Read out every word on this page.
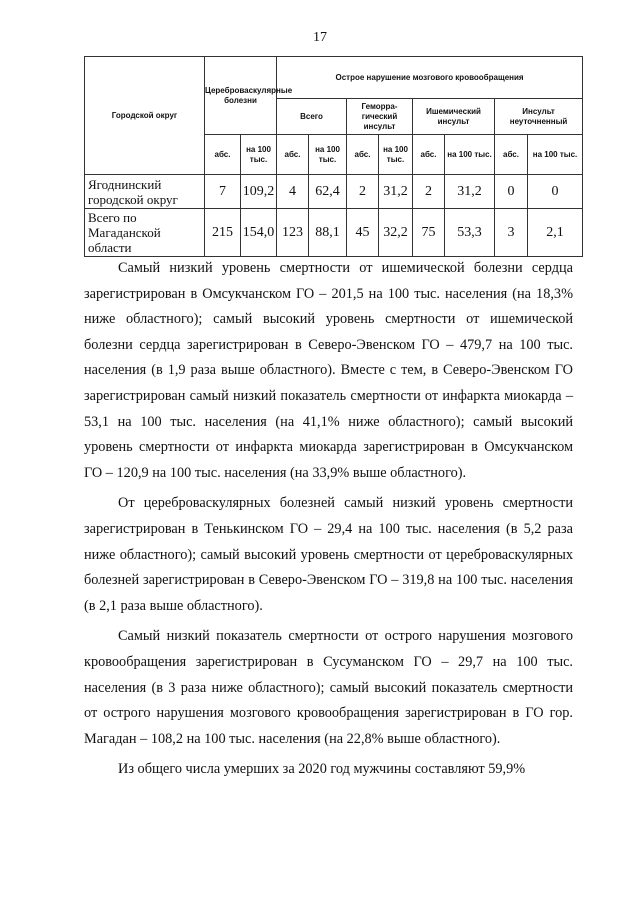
17
Городской округ	Цереброваскулярные болезни		Острое нарушение мозгового кровообращения							
			Всего		Геморра-гический инсульт		Ишемический инсульт		Инсульт неуточненный	
	абс.	на 100 тыс.	абс.	на 100 тыс.	абс.	на 100 тыс.	абс.	на 100 тыс.	абс.	на 100 тыс.
Ягоднинский городской округ	7	109,2	4	62,4	2	31,2	2	31,2	0	0
Всего по Магаданской области	215	154,0	123	88,1	45	32,2	75	53,3	3	2,1

Самый низкий уровень смертности от ишемической болезни сердца зарегистрирован в Омсукчанском ГО – 201,5 на 100 тыс. населения (на 18,3% ниже областного); самый высокий уровень смертности от ишемической болезни сердца зарегистрирован в Северо-Эвенском ГО – 479,7 на 100 тыс. населения (в 1,9 раза выше областного). Вместе с тем, в Северо-Эвенском ГО зарегистрирован самый низкий показатель смертности от инфаркта миокарда – 53,1 на 100 тыс. населения (на 41,1% ниже областного); самый высокий уровень смертности от инфаркта миокарда зарегистрирован в Омсукчанском ГО – 120,9 на 100 тыс. населения (на 33,9% выше областного).

От цереброваскулярных болезней самый низкий уровень смертности зарегистрирован в Тенькинском ГО – 29,4 на 100 тыс. населения (в 5,2 раза ниже областного); самый высокий уровень смертности от цереброваскулярных болезней зарегистрирован в Северо-Эвенском ГО – 319,8 на 100 тыс. населения (в 2,1 раза выше областного).

Самый низкий показатель смертности от острого нарушения мозгового кровообращения зарегистрирован в Сусуманском ГО – 29,7 на 100 тыс. населения (в 3 раза ниже областного); самый высокий показатель смертности от острого нарушения мозгового кровообращения зарегистрирован в ГО гор. Магадан – 108,2 на 100 тыс. населения (на 22,8% выше областного).

Из общего числа умерших за 2020 год мужчины составляют 59,9%
